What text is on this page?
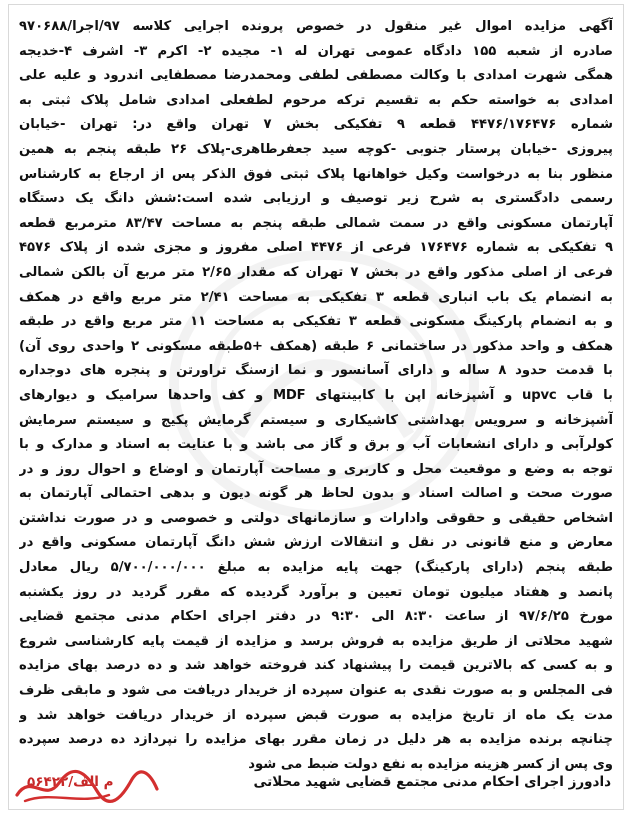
آگهی مزایده اموال غیر منقول در خصوص پرونده اجرایی کلاسه ۹۷/اجرا/۹۷۰۶۸۸
صادره از شعبه ۱۵۵ دادگاه عمومی تهران له ۱- مجیده ۲- اکرم ۳- اشرف ۴-خدیجه
همگی شهرت امدادی با وکالت مصطفی لطفی ومحمدرضا مصطفایی اندرود و علیه علی
امدادی به خواسته حکم به تقسیم ترکه مرحوم لطفعلی امدادی شامل پلاک ثبتی به
شماره ۴۴۷۶/۱۷۶۴۷۶ قطعه ۹ تفکیکی بخش ۷ تهران واقع در: تهران -خیابان
پیروزی -خیابان پرستار جنوبی -کوچه سید جعفرطاهری-پلاک ۲۶ طبقه پنجم به همین
منظور بنا به درخواست وکیل خواهانها پلاک ثبتی فوق الذکر پس از ارجاع به کارشناس
رسمی دادگستری به شرح زیر توصیف و ارزیابی شده است:شش دانگ یک دستگاه
آپارتمان مسکونی واقع در سمت شمالی طبقه پنجم به مساحت ۸۳/۴۷ مترمربع قطعه
۹ تفکیکی به شماره ۱۷۶۴۷۶ فرعی از ۴۴۷۶ اصلی مفروز و مجزی شده از پلاک ۴۵۷۶
فرعی از اصلی مذکور واقع در بخش ۷ تهران که مقدار ۲/۶۵ متر مربع آن بالکن شمالی
به انضمام یک باب انباری قطعه ۳ تفکیکی به مساحت ۲/۴۱ متر مربع واقع در همکف
و به انضمام پارکینگ مسکونی قطعه ۳ تفکیکی به مساحت ۱۱ متر مربع واقع در طبقه
همکف و واحد مذکور در ساختمانی ۶ طبقه (همکف +۵طبقه مسکونی ۲ واحدی روی آن)
با قدمت حدود ۸ ساله و دارای آسانسور و نما ازسنگ تراورتن و پنجره های دوجداره
با قاب upvc و آشپزخانه اپن با کابینتهای MDF و کف واحدها سرامیک و دیوارهای
آشپزخانه و سرویس بهداشتی کاشیکاری و سیستم گرمایش پکیج و سیستم سرمایش
کولرآبی و دارای انشعابات آب و برق و گاز می باشد و با عنایت به اسناد و مدارک و با
توجه به وضع و موقعیت محل و کاربری و مساحت آپارتمان و اوضاع و احوال روز و در
صورت صحت و اصالت اسناد و بدون لحاظ هر گونه دیون و بدهی احتمالی آپارتمان به
اشخاص حقیقی و حقوقی وادارات و سازمانهای دولتی و خصوصی و در صورت نداشتن
معارض و منع قانونی در نقل و انتقالات ارزش شش دانگ آپارتمان مسکونی واقع در
طبقه پنجم (دارای پارکینگ) جهت پایه مزایده به مبلغ ۵/۷۰۰/۰۰۰/۰۰۰ ریال معادل
پانصد و هفتاد میلیون تومان تعیین و برآورد گردیده که مقرر گردید در روز یکشنبه
مورخ ۹۷/۶/۲۵ از ساعت ۸:۳۰ الی ۹:۳۰ در دفتر اجرای احکام مدنی مجتمع قضایی
شهید محلاتی از طریق مزایده به فروش برسد و مزایده از قیمت پایه کارشناسی شروع
و به کسی که بالاترین قیمت را پیشنهاد کند فروخته خواهد شد و ده درصد بهای مزایده
فی المجلس و به صورت نقدی به عنوان سپرده از خریدار دریافت می شود و مابقی ظرف
مدت یک ماه از تاریخ مزایده به صورت قبض سپرده از خریدار دریافت خواهد شد و
چنانچه برنده مزایده به هر دلیل در زمان مقرر بهای مزایده را نپردازد ده درصد سپرده
وی پس از کسر هزینه مزایده به نفع دولت ضبط می شود
دادورز اجرای احکام مدنی مجتمع قضایی شهید محلاتی
۵۶۴۲۲/م الف
